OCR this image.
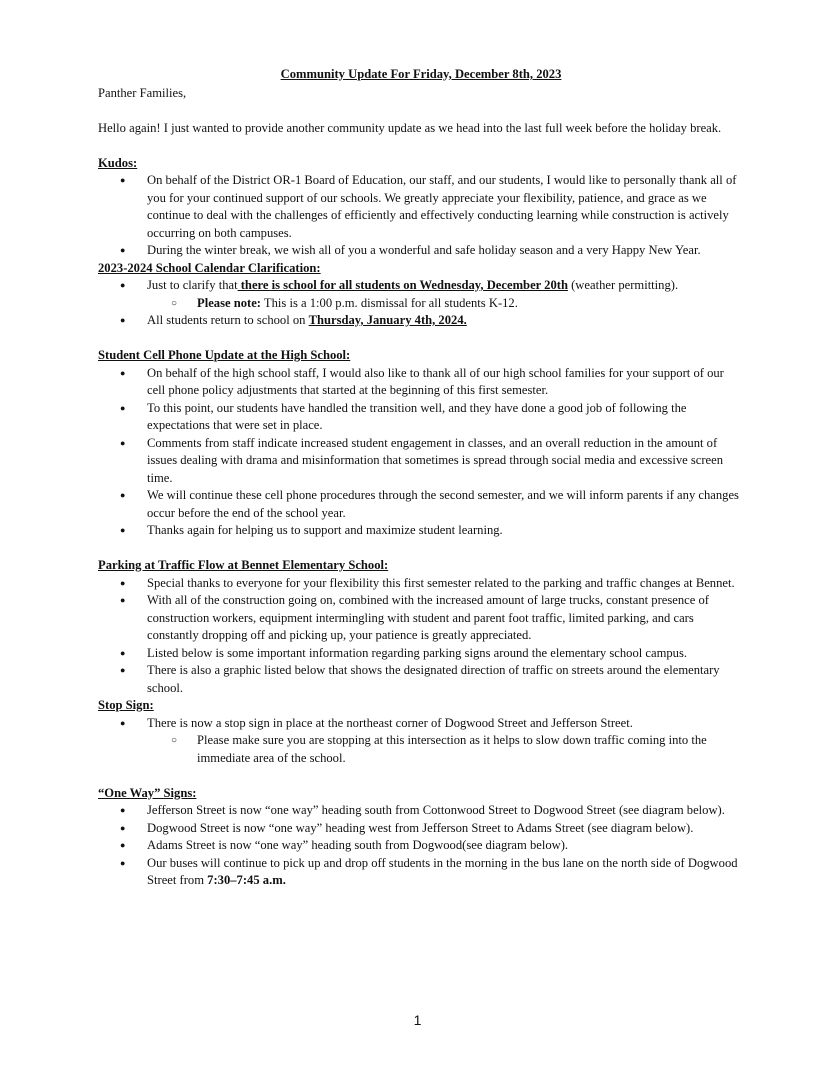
Community Update For Friday, December 8th, 2023

Panther Families,

Hello again! I just wanted to provide another community update as we head into the last full week before the holiday break.

Kudos:

● On behalf of the District OR-1 Board of Education, our staff, and our students, I would like to personally thank all of you for your continued support of our schools. We greatly appreciate your flexibility, patience, and grace as we continue to deal with the challenges of efficiently and effectively conducting learning while construction is actively occurring on both campuses.
● During the winter break, we wish all of you a wonderful and safe holiday season and a very Happy New Year.

2023-2024 School Calendar Clarification:

● Just to clarify that there is school for all students on Wednesday, December 20th (weather permitting).
○ Please note: This is a 1:00 p.m. dismissal for all students K-12.
● All students return to school on Thursday, January 4th, 2024.

Student Cell Phone Update at the High School:

● On behalf of the high school staff, I would also like to thank all of our high school families for your support of our cell phone policy adjustments that started at the beginning of this first semester.
● To this point, our students have handled the transition well, and they have done a good job of following the expectations that were set in place.
● Comments from staff indicate increased student engagement in classes, and an overall reduction in the amount of issues dealing with drama and misinformation that sometimes is spread through social media and excessive screen time.
● We will continue these cell phone procedures through the second semester, and we will inform parents if any changes occur before the end of the school year.
● Thanks again for helping us to support and maximize student learning.

Parking at Traffic Flow at Bennet Elementary School:

● Special thanks to everyone for your flexibility this first semester related to the parking and traffic changes at Bennet.
● With all of the construction going on, combined with the increased amount of large trucks, constant presence of construction workers, equipment intermingling with student and parent foot traffic, limited parking, and cars constantly dropping off and picking up, your patience is greatly appreciated.
● Listed below is some important information regarding parking signs around the elementary school campus.
● There is also a graphic listed below that shows the designated direction of traffic on streets around the elementary school.

Stop Sign:

● There is now a stop sign in place at the northeast corner of Dogwood Street and Jefferson Street.
○ Please make sure you are stopping at this intersection as it helps to slow down traffic coming into the immediate area of the school.

“One Way” Signs:

● Jefferson Street is now “one way” heading south from Cottonwood Street to Dogwood Street (see diagram below).
● Dogwood Street is now “one way” heading west from Jefferson Street to Adams Street (see diagram below).
● Adams Street is now “one way” heading south from Dogwood(see diagram below).
● Our buses will continue to pick up and drop off students in the morning in the bus lane on the north side of Dogwood Street from 7:30–7:45 a.m.
1
